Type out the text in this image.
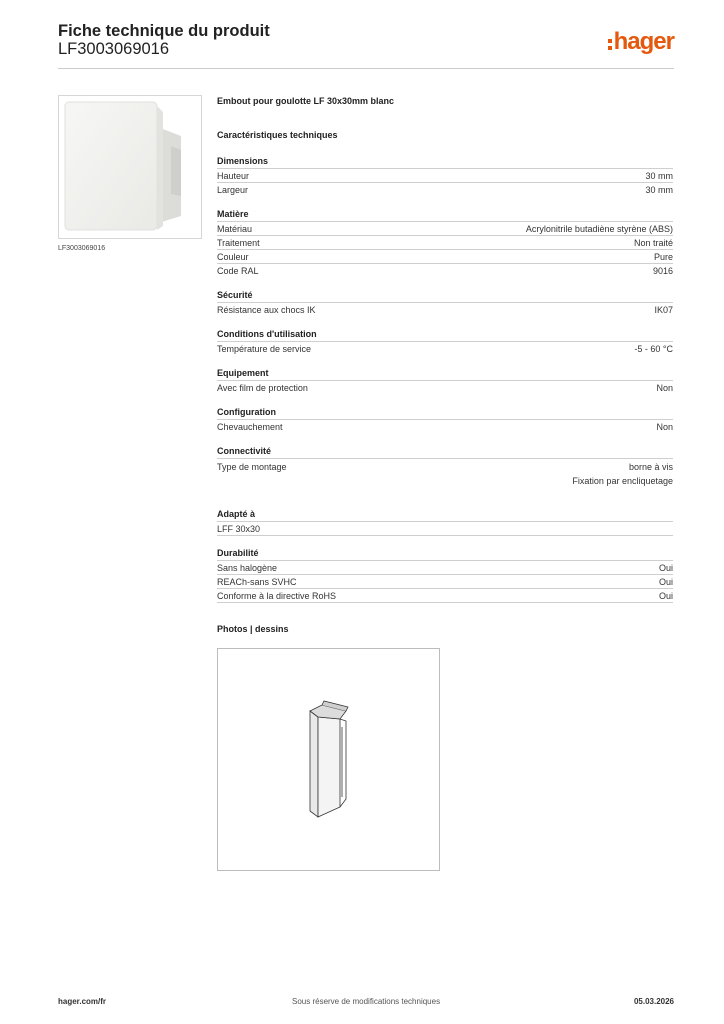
Fiche technique du produit
LF3003069016	hager
LF3003069016
Embout pour goulotte LF 30x30mm blanc
Caractéristiques techniques
Dimensions
Hauteur	30 mm
Largeur	30 mm
Matière
Matériau	Acrylonitrile butadiène styrène (ABS)
Traitement	Non traité
Couleur	Pure
Code RAL	9016
Sécurité
Résistance aux chocs IK	IK07
Conditions d'utilisation
Température de service	-5 - 60 °C
Equipement
Avec film de protection	Non
Configuration
Chevauchement	Non
Connectivité
Type de montage	borne à vis
Fixation par encliquetage
Adapté à
LFF 30x30
Durabilité
Sans halogène	Oui
REACh-sans SVHC	Oui
Conforme à la directive RoHS	Oui
Photos | dessins
hager.com/fr	Sous réserve de modifications techniques	05.03.2026
